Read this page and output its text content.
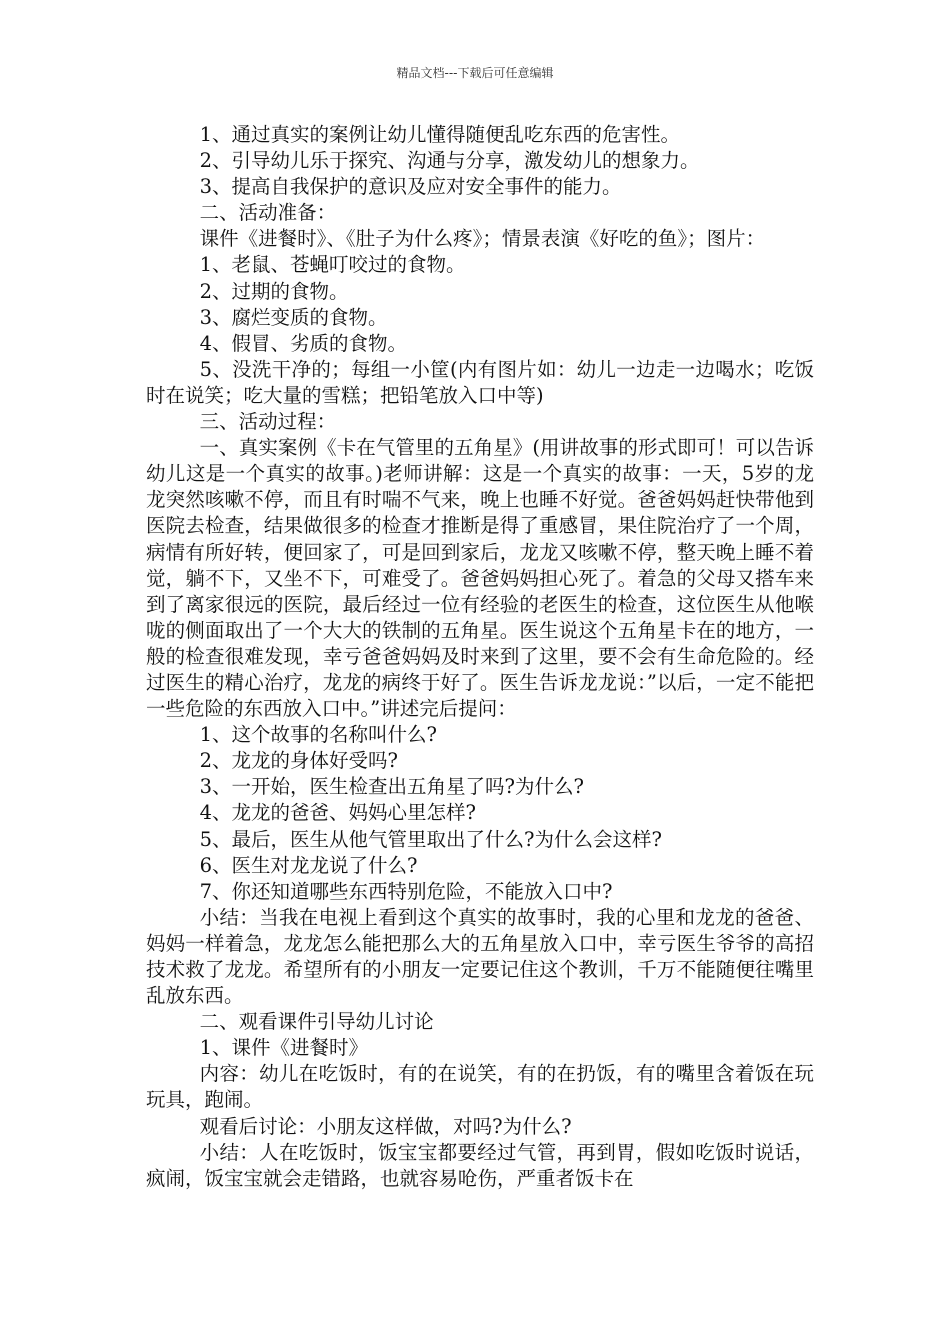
精品文档---下载后可任意编辑

1、通过真实的案例让幼儿懂得随便乱吃东西的危害性。

2、引导幼儿乐于探究、沟通与分享，激发幼儿的想象力。

3、提高自我保护的意识及应对安全事件的能力。

二、活动准备：

课件《进餐时》、《肚子为什么疼》；情景表演《好吃的鱼》；图片：

1、老鼠、苍蝇叮咬过的食物。

2、过期的食物。

3、腐烂变质的食物。

4、假冒、劣质的食物。

5、没洗干净的；每组一小筐(内有图片如：幼儿一边走一边喝水；吃饭时在说笑；吃大量的雪糕；把铅笔放入口中等)

三、活动过程：

一、真实案例《卡在气管里的五角星》(用讲故事的形式即可！可以告诉幼儿这是一个真实的故事。)老师讲解：这是一个真实的故事：一天，5岁的龙龙突然咳嗽不停，而且有时喘不气来，晚上也睡不好觉。爸爸妈妈赶快带他到医院去检查，结果做很多的检查才推断是得了重感冒，果住院治疗了一个周，病情有所好转，便回家了，可是回到家后，龙龙又咳嗽不停，整天晚上睡不着觉，躺不下，又坐不下，可难受了。爸爸妈妈担心死了。着急的父母又搭车来到了离家很远的医院，最后经过一位有经验的老医生的检查，这位医生从他喉咙的侧面取出了一个大大的铁制的五角星。医生说这个五角星卡在的地方，一般的检查很难发现，幸亏爸爸妈妈及时来到了这里，要不会有生命危险的。经过医生的精心治疗，龙龙的病终于好了。医生告诉龙龙说：”以后，一定不能把一些危险的东西放入口中。”讲述完后提问：

1、这个故事的名称叫什么?

2、龙龙的身体好受吗?

3、一开始，医生检查出五角星了吗?为什么?

4、龙龙的爸爸、妈妈心里怎样?

5、最后，医生从他气管里取出了什么?为什么会这样?

6、医生对龙龙说了什么?

7、你还知道哪些东西特别危险，不能放入口中?

小结：当我在电视上看到这个真实的故事时，我的心里和龙龙的爸爸、妈妈一样着急，龙龙怎么能把那么大的五角星放入口中，幸亏医生爷爷的高招技术救了龙龙。希望所有的小朋友一定要记住这个教训，千万不能随便往嘴里乱放东西。

二、观看课件引导幼儿讨论

1、课件《进餐时》

内容：幼儿在吃饭时，有的在说笑，有的在扔饭，有的嘴里含着饭在玩玩具，跑闹。

观看后讨论：小朋友这样做，对吗?为什么?

小结：人在吃饭时，饭宝宝都要经过气管，再到胃，假如吃饭时说话，疯闹，饭宝宝就会走错路，也就容易呛伤，严重者饭卡在
